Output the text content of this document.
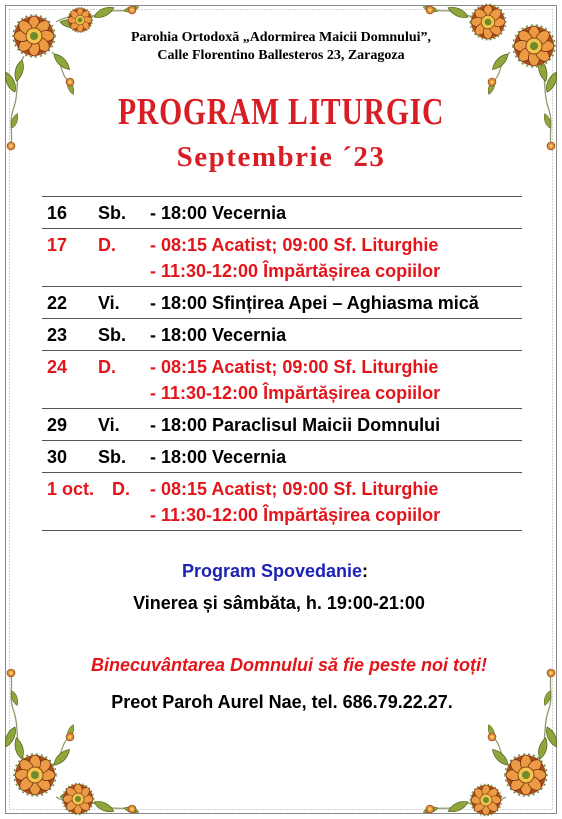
Parohia Ortodoxă „Adormirea Maicii Domnului”,
Calle Florentino Ballesteros 23, Zaragoza
PROGRAM LITURGIC
Septembrie ´23
16	Sb.	- 18:00 Vecernia
17	D.	- 08:15 Acatist; 09:00 Sf. Liturghie
- 11:30-12:00 Împărtășirea copiilor
22	Vi.	- 18:00 Sfințirea Apei – Aghiasma mică
23	Sb.	- 18:00 Vecernia
24	D.	- 08:15 Acatist; 09:00 Sf. Liturghie
- 11:30-12:00 Împărtășirea copiilor
29	Vi.	- 18:00 Paraclisul Maicii Domnului
30	Sb.	- 18:00 Vecernia
1 oct. D.	- 08:15 Acatist; 09:00 Sf. Liturghie
- 11:30-12:00 Împărtășirea copiilor
Program Spovedanie:
Vinerea și sâmbăta, h. 19:00-21:00
Binecuvântarea Domnului să fie peste noi toți!
Preot Paroh Aurel Nae, tel. 686.79.22.27.
